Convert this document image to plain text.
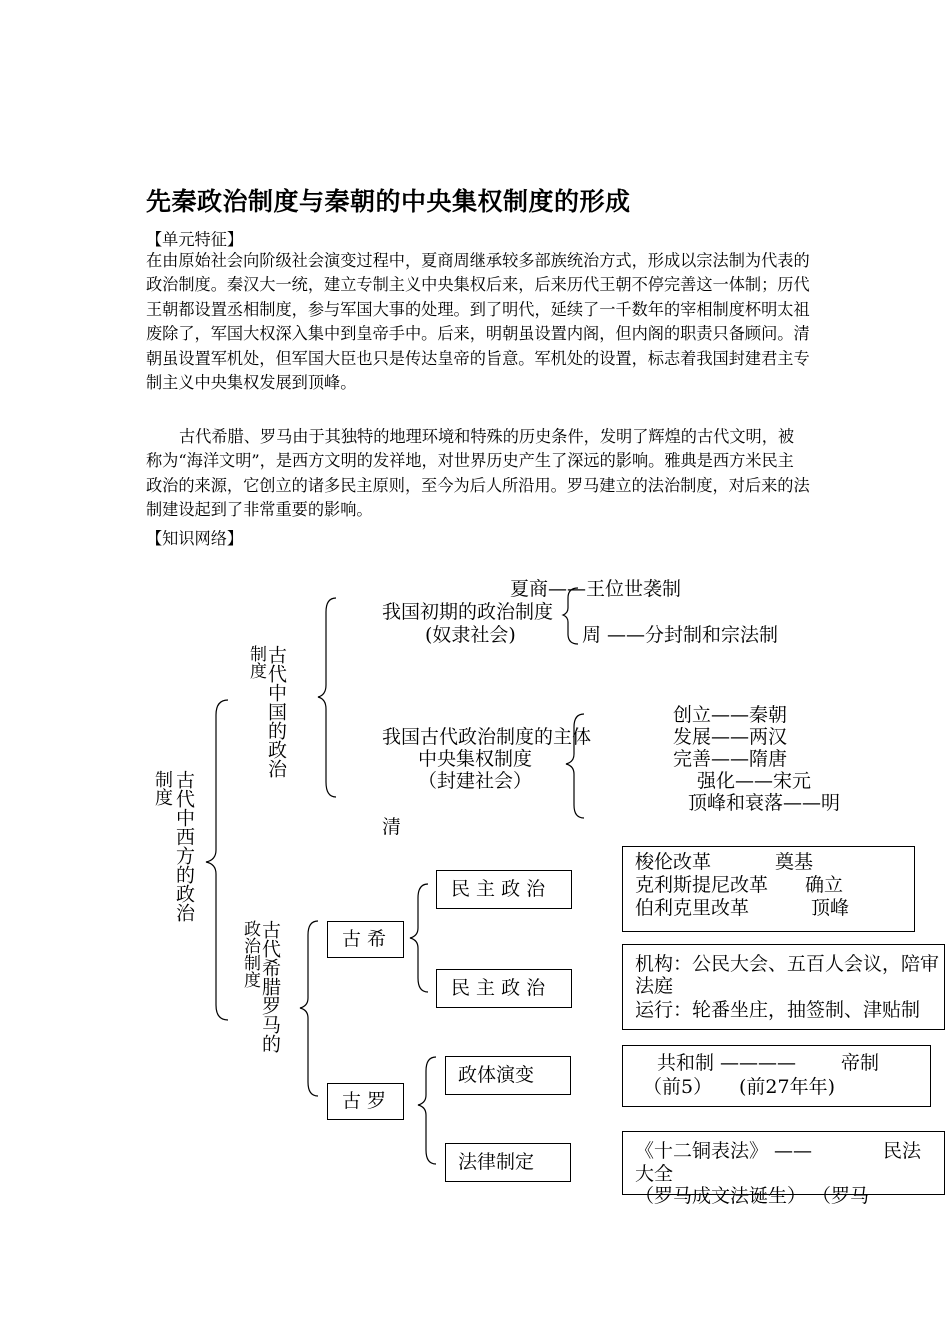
先秦政治制度与秦朝的中央集权制度的形成
【单元特征】

在由原始社会向阶级社会演变过程中，夏商周继承较多部族统治方式，形成以宗法制为代表的政治制度。秦汉大一统，建立专制主义中央集权后来，后来历代王朝不停完善这一体制；历代王朝都设置丞相制度，参与军国大事的处理。到了明代，延续了一千数年的宰相制度杯明太祖废除了，军国大权深入集中到皇帝手中。后来，明朝虽设置内阁，但内阁的职责只备顾问。清朝虽设置军机处，但军国大臣也只是传达皇帝的旨意。军机处的设置，标志着我国封建君主专制主义中央集权发展到顶峰。

古代希腊、罗马由于其独特的地理环境和特殊的历史条件，发明了辉煌的古代文明，被称为“海洋文明”，是西方文明的发祥地，对世界历史产生了深远的影响。雅典是西方米民主政治的来源，它创立的诸多民主原则，至今为后人所沿用。罗马建立的法治制度，对后来的法制建设起到了非常重要的影响。

【知识网络】
古代中西方的政治
制度
古代中国的政治
制度
古代希腊罗马的
政治制度
夏商——王位世袭制
我国初期的政治制度
(奴隶社会)	周 ——分封制和宗法制
我国古代政治制度的主体
中央集权制度
（封建社会）
创立——秦朝
发展——两汉
完善——隋唐
强化——宋元
顶峰和衰落——明
清
古 希
民 主 政 治
民 主 政 治
梭伦改革	奠基
克利斯提尼改革 确立
伯利克里改革	顶峰
机构：公民大会、五百人会议，陪审法庭
运行：轮番坐庄，抽签制、津贴制
古 罗
政体演变
法律制定
共和制 ———— 帝制
（前5） (前27年年)
《十二铜表法》 ——	民法
大全
（罗马成文法诞生） （罗马
